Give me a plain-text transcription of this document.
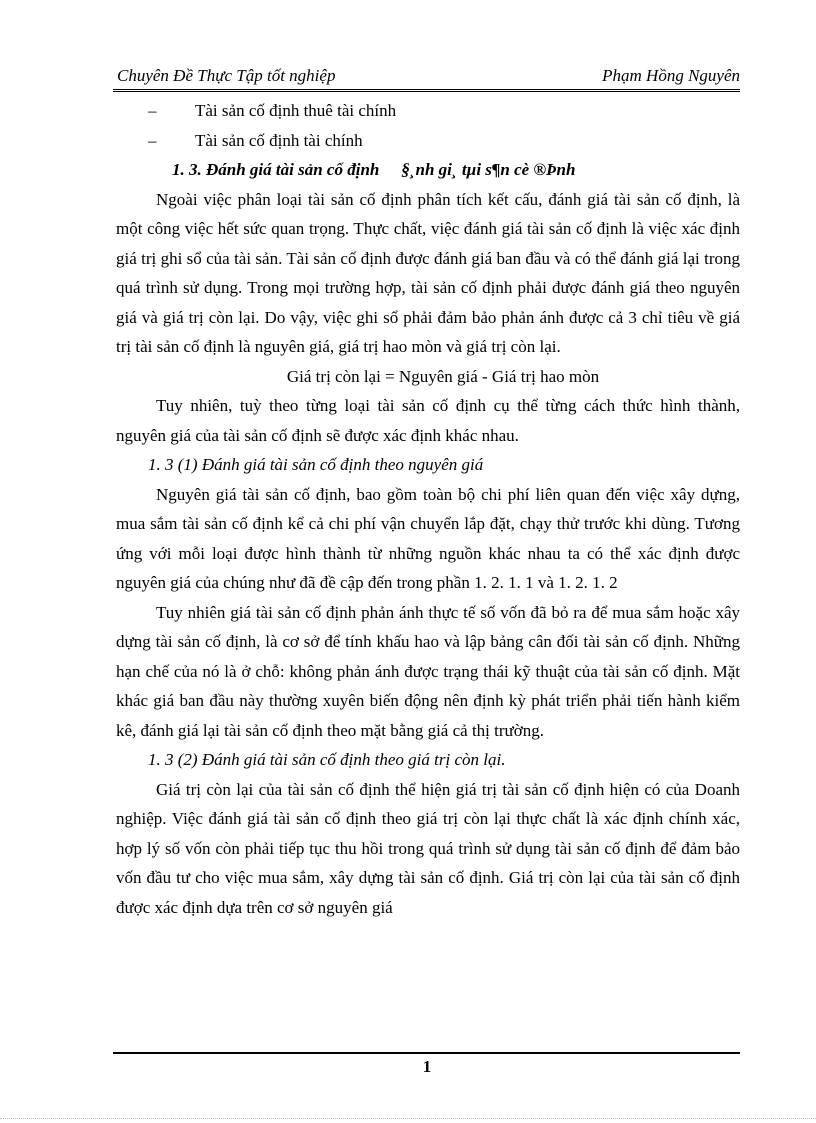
Chuyên Đề Thực Tập tốt nghiệp	Phạm Hồng Nguyên
–	Tài sản cố định thuê tài chính
–	Tài sản cố định tài chính

1. 3. Đánh giá tài sản cố định §¸nh gi¸ tµi s¶n cè ®Þnh

Ngoài việc phân loại tài sản cố định phân tích kết cấu, đánh giá tài sản cố định, là một công việc hết sức quan trọng. Thực chất, việc đánh giá tài sản cố định là việc xác định giá trị ghi sổ của tài sản. Tài sản cố định được đánh giá ban đầu và có thể đánh giá lại trong quá trình sử dụng. Trong mọi trường hợp, tài sản cố định phải được đánh giá theo nguyên giá và giá trị còn lại. Do vậy, việc ghi sổ phải đảm bảo phản ánh được cả 3 chỉ tiêu về giá trị tài sản cố định là nguyên giá, giá trị hao mòn và giá trị còn lại.

Giá trị còn lại = Nguyên giá - Giá trị hao mòn

Tuy nhiên, tuỳ theo từng loại tài sản cố định cụ thể từng cách thức hình thành, nguyên giá của tài sản cố định sẽ được xác định khác nhau.

1. 3 (1) Đánh giá tài sản cố định theo nguyên giá

Nguyên giá tài sản cố định, bao gồm toàn bộ chi phí liên quan đến việc xây dựng, mua sắm tài sản cố định kể cả chi phí vận chuyển lắp đặt, chạy thử trước khi dùng. Tương ứng với mỗi loại được hình thành từ những nguồn khác nhau ta có thể xác định được nguyên giá của chúng như đã đề cập đến trong phần 1. 2. 1. 1 và 1. 2. 1. 2

Tuy nhiên giá tài sản cố định phản ánh thực tế số vốn đã bỏ ra để mua sắm hoặc xây dựng tài sản cố định, là cơ sở để tính khấu hao và lập bảng cân đối tài sản cố định. Những hạn chế của nó là ở chỗ: không phản ánh được trạng thái kỹ thuật của tài sản cố định. Mặt khác giá ban đầu này thường xuyên biến động nên định kỳ phát triển phải tiến hành kiểm kê, đánh giá lại tài sản cố định theo mặt bằng giá cả thị trường.

1. 3 (2) Đánh giá tài sản cố định theo giá trị còn lại.

Giá trị còn lại của tài sản cố định thể hiện giá trị tài sản cố định hiện có của Doanh nghiệp. Việc đánh giá tài sản cố định theo giá trị còn lại thực chất là xác định chính xác, hợp lý số vốn còn phải tiếp tục thu hồi trong quá trình sử dụng tài sản cố định để đảm bảo vốn đầu tư cho việc mua sắm, xây dựng tài sản cố định. Giá trị còn lại của tài sản cố định được xác định dựa trên cơ sở nguyên giá

1
